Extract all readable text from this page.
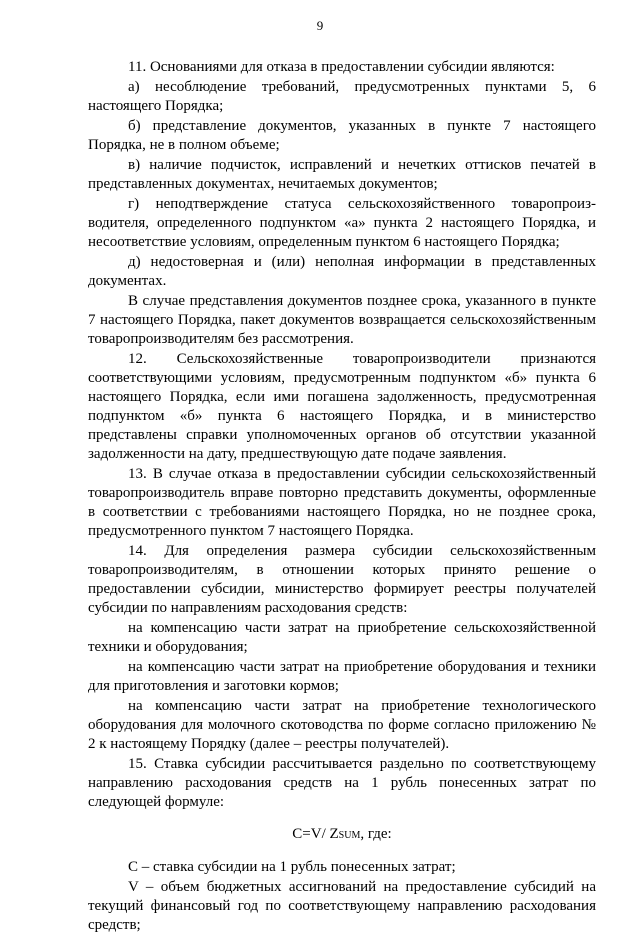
9

11. Основаниями для отказа в предоставлении субсидии являются:

а) несоблюдение требований, предусмотренных пунктами 5, 6 настоящего Порядка;

б) представление документов, указанных в пункте 7 настоящего Порядка, не в полном объеме;

в) наличие подчисток, исправлений и нечетких оттисков печатей в представленных документах, нечитаемых документов;

г) неподтверждение статуса сельскохозяйственного товаропроиз-водителя, определенного подпунктом «а» пункта 2 настоящего Порядка, и несоответствие условиям, определенным пунктом 6 настоящего Порядка;

д) недостоверная и (или) неполная информации в представленных документах.

В случае представления документов позднее срока, указанного в пункте 7 настоящего Порядка, пакет документов возвращается сельскохозяйственным товаропроизводителям без рассмотрения.

12. Сельскохозяйственные товаропроизводители признаются соответствующими условиям, предусмотренным подпунктом «б» пункта 6 настоящего Порядка, если ими погашена задолженность, предусмотренная подпунктом «б» пункта 6 настоящего Порядка, и в министерство представлены справки уполномоченных органов об отсутствии указанной задолженности на дату, предшествующую дате подаче заявления.

13. В случае отказа в предоставлении субсидии сельскохозяйственный товаропроизводитель вправе повторно представить документы, оформленные в соответствии с требованиями настоящего Порядка, но не позднее срока, предусмотренного пунктом 7 настоящего Порядка.

14. Для определения размера субсидии сельскохозяйственным товаропроизводителям, в отношении которых принято решение о предоставлении субсидии, министерство формирует реестры получателей субсидии по направлениям расходования средств:

на компенсацию части затрат на приобретение сельскохозяйственной техники и оборудования;

на компенсацию части затрат на приобретение оборудования и техники для приготовления и заготовки кормов;

на компенсацию части затрат на приобретение технологического оборудования для молочного скотоводства по форме согласно приложению № 2 к настоящему Порядку (далее – реестры получателей).

15. Ставка субсидии рассчитывается раздельно по соответствующему направлению расходования средств на 1 рубль понесенных затрат по следующей формуле:

C=V/ ZSUM, где:

С – ставка субсидии на 1 рубль понесенных затрат;

V – объем бюджетных ассигнований на предоставление субсидий на текущий финансовый год по соответствующему направлению расходования средств;
